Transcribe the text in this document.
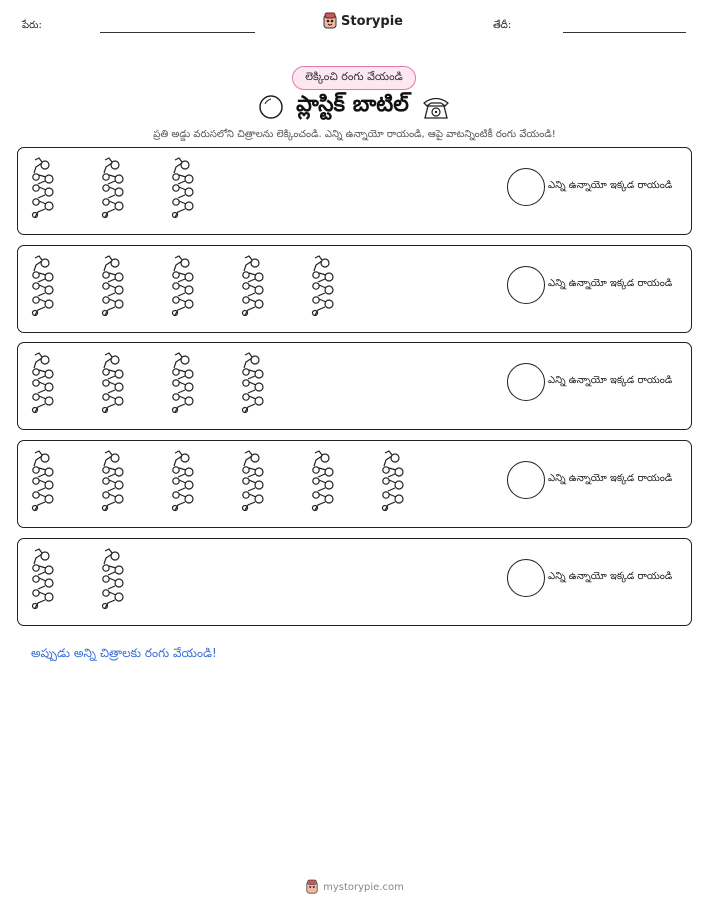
పేరు:	Storypie	తేదీ:
లెక్కించి రంగు వేయండి
ప్లాస్టిక్ బాటిల్
ప్రతి అడ్డు వరుసలోని చిత్రాలను లెక్కించండి. ఎన్ని ఉన్నాయో రాయండి, ఆపై వాటన్నింటికీ రంగు వేయండి!
ఎన్ని ఉన్నాయో ఇక్కడ రాయండి
ఎన్ని ఉన్నాయో ఇక్కడ రాయండి
ఎన్ని ఉన్నాయో ఇక్కడ రాయండి
ఎన్ని ఉన్నాయో ఇక్కడ రాయండి
ఎన్ని ఉన్నాయో ఇక్కడ రాయండి
అప్పుడు అన్ని చిత్రాలకు రంగు వేయండి!
mystorypie.com
